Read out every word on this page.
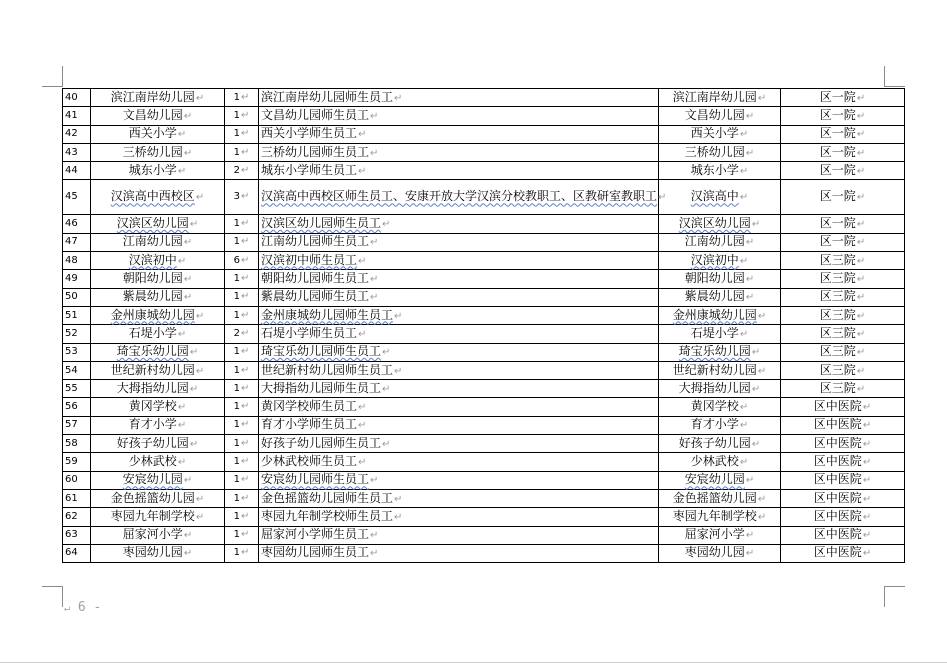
40	滨江南岸幼儿园↵	1↵	滨江南岸幼儿园师生员工↵	滨江南岸幼儿园↵	区一院↵
41	文昌幼儿园↵	1↵	文昌幼儿园师生员工↵	文昌幼儿园↵	区一院↵
42	西关小学↵	1↵	西关小学师生员工↵	西关小学↵	区一院↵
43	三桥幼儿园↵	1↵	三桥幼儿园师生员工↵	三桥幼儿园↵	区一院↵
44	城东小学↵	2↵	城东小学师生员工↵	城东小学↵	区一院↵
45	汉滨高中西校区↵	3↵	汉滨高中西校区师生员工、安康开放大学汉滨分校教职工、区教研室教职工↵	汉滨高中↵	区一院↵
46	汉滨区幼儿园↵	1↵	汉滨区幼儿园师生员工↵	汉滨区幼儿园↵	区一院↵
47	江南幼儿园↵	1↵	江南幼儿园师生员工↵	江南幼儿园↵	区一院↵
48	汉滨初中↵	6↵	汉滨初中师生员工↵	汉滨初中↵	区三院↵
49	朝阳幼儿园↵	1↵	朝阳幼儿园师生员工↵	朝阳幼儿园↵	区三院↵
50	紫晨幼儿园↵	1↵	紫晨幼儿园师生员工↵	紫晨幼儿园↵	区三院↵
51	金州康城幼儿园↵	1↵	金州康城幼儿园师生员工↵	金州康城幼儿园↵	区三院↵
52	石堤小学↵	2↵	石堤小学师生员工↵	石堤小学↵	区三院↵
53	琦宝乐幼儿园↵	1↵	琦宝乐幼儿园师生员工↵	琦宝乐幼儿园↵	区三院↵
54	世纪新村幼儿园↵	1↵	世纪新村幼儿园师生员工↵	世纪新村幼儿园↵	区三院↵
55	大拇指幼儿园↵	1↵	大拇指幼儿园师生员工↵	大拇指幼儿园↵	区三院↵
56	黄冈学校↵	1↵	黄冈学校师生员工↵	黄冈学校↵	区中医院↵
57	育才小学↵	1↵	育才小学师生员工↵	育才小学↵	区中医院↵
58	好孩子幼儿园↵	1↵	好孩子幼儿园师生员工↵	好孩子幼儿园↵	区中医院↵
59	少林武校↵	1↵	少林武校师生员工↵	少林武校↵	区中医院↵
60	安宸幼儿园↵	1↵	安宸幼儿园师生员工↵	安宸幼儿园↵	区中医院↵
61	金色摇篮幼儿园↵	1↵	金色摇篮幼儿园师生员工↵	金色摇篮幼儿园↵	区中医院↵
62	枣园九年制学校↵	1↵	枣园九年制学校师生员工↵	枣园九年制学校↵	区中医院↵
63	屈家河小学↵	1↵	屈家河小学师生员工↵	屈家河小学↵	区中医院↵
64	枣园幼儿园↵	1↵	枣园幼儿园师生员工↵	枣园幼儿园↵	区中医院↵
↵ 6 -
